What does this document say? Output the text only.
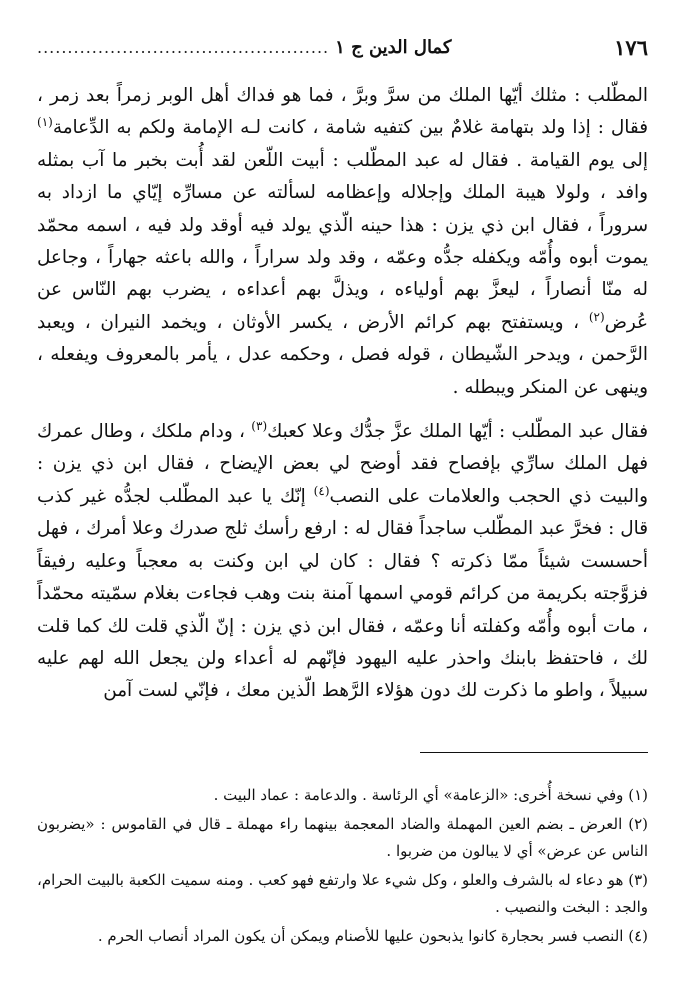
١٧٦
كمال الدين ج ١
................................................

المطّلب : مثلك أيّها الملك من سرَّ وبرَّ ، فما هو فداك أهل الوبر زمراً بعد زمر ، فقال : إذا ولد بتهامة غلامٌ بين كتفيه شامة ، كانت لـه الإمامة ولكم به الدِّعامة$^{(١)}$ إلى يوم القيامة . فقال له عبد المطّلب : أبيت اللّعن لقد أُبت بخبر ما آب بمثله وافد ، ولولا هيبة الملك وإجلاله وإعظامه لسألته عن مسارِّه إيّاي ما ازداد به سروراً ، فقال ابن ذي يزن : هذا حينه الّذي يولد فيه أوقد ولد فيه ، اسمه محمّد يموت أبوه وأُمّه ويكفله جدُّه وعمّه ، وقد ولد سراراً ، والله باعثه جهاراً ، وجاعل له منّا أنصاراً ، ليعزَّ بهم أولياءه ، ويذلَّ بهم أعداءه ، يضرب بهم النّاس عن عُرض$^{(٢)}$ ، ويستفتح بهم كرائم الأرض ، يكسر الأوثان ، ويخمد النيران ، ويعبد الرَّحمن ، ويدحر الشّيطان ، قوله فصل ، وحكمه عدل ، يأمر بالمعروف ويفعله ، وينهى عن المنكر ويبطله .

فقال عبد المطّلب : أيّها الملك عزَّ جدُّك وعلا كعبك$^{(٣)}$ ، ودام ملكك ، وطال عمرك فهل الملك سارِّي بإفصاح فقد أوضح لي بعض الإيضاح ، فقال ابن ذي يزن : والبيت ذي الحجب والعلامات على النصب$^{(٤)}$ إنّك يا عبد المطّلب لجدُّه غير كذب قال : فخرَّ عبد المطّلب ساجداً فقال له : ارفع رأسك ثلج صدرك وعلا أمرك ، فهل أحسست شيئاً ممّا ذكرته ؟ فقال : كان لي ابن وكنت به معجباً وعليه رفيقاً فزوَّجته بكريمة من كرائم قومي اسمها آمنة بنت وهب فجاءت بغلام سمّيته محمّداً ، مات أبوه وأُمّه وكفلته أنا وعمّه ، فقال ابن ذي يزن : إنّ الّذي قلت لك كما قلت لك ، فاحتفظ بابنك واحذر عليه اليهود فإنّهم له أعداء ولن يجعل الله لهم عليه سبيلاً ، واطو ما ذكرت لك دون هؤلاء الرَّهط الّذين معك ، فإنّي لست آمن

(١) وفي نسخة أُخرى: «الزعامة» أي الرئاسة . والدعامة : عماد البيت .

(٢) العرض ـ بضم العين المهملة والضاد المعجمة بينهما راء مهملة ـ قال في القاموس : «يضربون الناس عن عرض» أي لا يبالون من ضربوا .

(٣) هو دعاء له بالشرف والعلو ، وكل شيء علا وارتفع فهو كعب . ومنه سميت الكعبة بالبيت الحرام، والجد : البخت والنصيب .

(٤) النصب فسر بحجارة كانوا يذبحون عليها للأصنام ويمكن أن يكون المراد أنصاب الحرم .
